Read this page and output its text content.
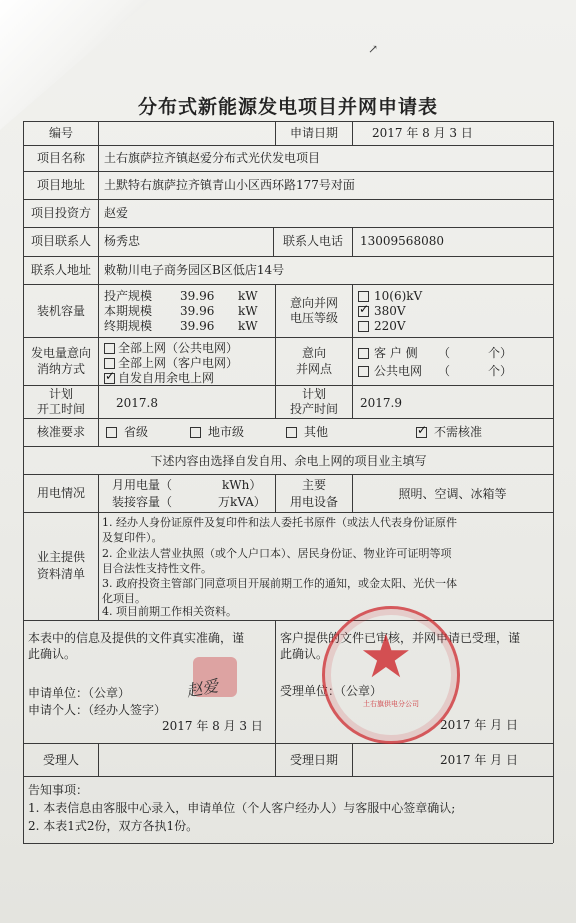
↗
分布式新能源发电项目并网申请表
编号	申请日期	2017 年 8 月 3 日
项目名称	土右旗萨拉齐镇赵爱分布式光伏发电项目
项目地址	土默特右旗萨拉齐镇青山小区西环路177号对面
项目投资方	赵爱
项目联系人	杨秀忠	联系人电话	13009568080
联系人地址	敕勒川电子商务园区B区低店14号
装机容量
投产规模 39.96 kW
本期规模 39.96 kW
终期规模 39.96 kW
意向并网
电压等级
10(6)kV
✓
380V
220V
发电量意向
消纳方式
全部上网（公共电网）
全部上网（客户电网）
✓
自发自用余电上网
意向
并网点
客 户 侧 （	个 ）
公共电网 （	个 ）
计划
开工时间	2017.8
计划
投产时间	2017.9
核准要求	省级	地市级	其他
✓	不需核准
下述内容由选择自发自用、余电上网的项目业主填写
用电情况
月用电量（	kWh）
装接容量（	万kVA）
主要
用电设备
照明、空调、冰箱等
业主提供
资料清单
1. 经办人身份证原件及复印件和法人委托书原件（或法人代表身份证原件
及复印件）。
2. 企业法人营业执照（或个人户口本）、居民身份证、物业许可证明等项
目合法性支持性文件。
3. 政府投资主管部门同意项目开展前期工作的通知，或金太阳、光伏一体
化项目。
4. 项目前期工作相关资料。
本表中的信息及提供的文件真实准确，谨
此确认。
客户提供的文件已审核，并网申请已受理，谨
此确认。
赵爱
申请单位：（公章）
申请个人：（经办人签字）
2017 年 8 月 3 日
受理单位：（公章）
2017 年 月 日
★
土右旗供电分公司
受理人	受理日期	2017 年 月 日
告知事项：
1. 本表信息由客服中心录入，申请单位（个人客户经办人）与客服中心签章确认;
2. 本表1式2份，双方各执1份。
